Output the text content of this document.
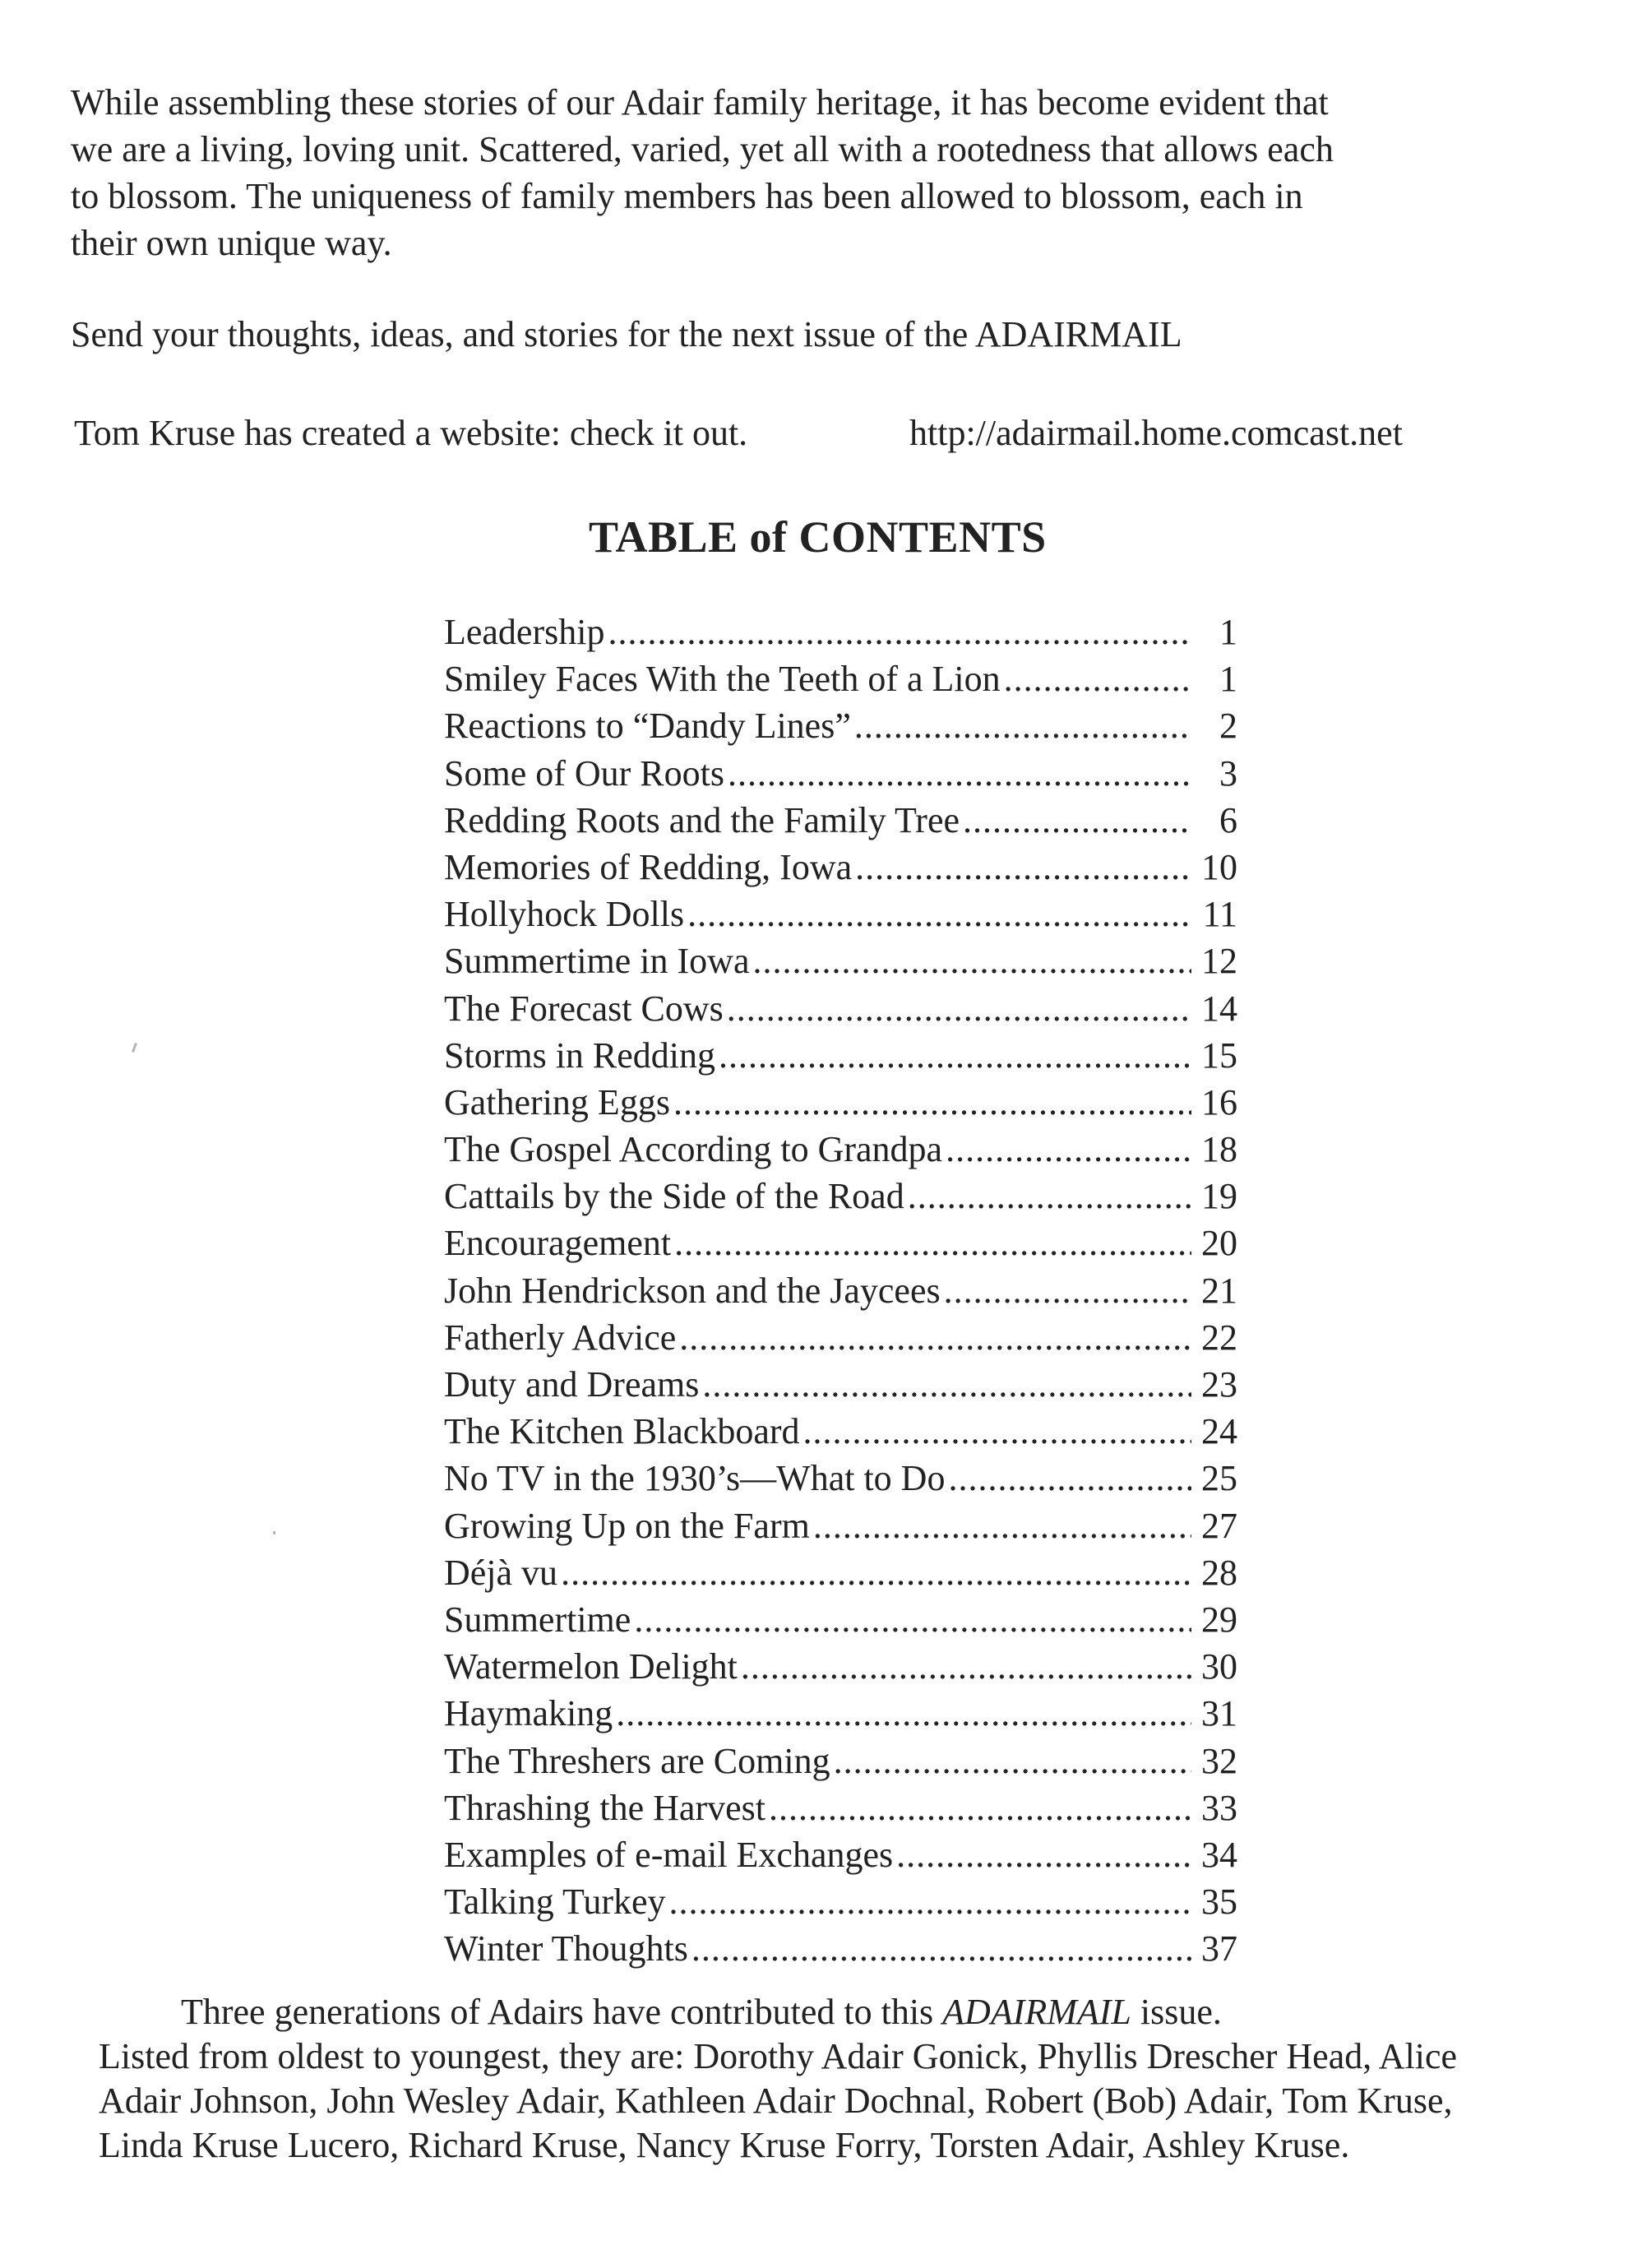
While assembling these stories of our Adair family heritage, it has become evident that
we are a living, loving unit. Scattered, varied, yet all with a rootedness that allows each
to blossom. The uniqueness of family members has been allowed to blossom, each in
their own unique way.

Send your thoughts, ideas, and stories for the next issue of the ADAIRMAIL

Tom Kruse has created a website: check it out.	http://adairmail.home.comcast.net

TABLE of CONTENTS
Leadership .....	1
Smiley Faces With the Teeth of a Lion .....	1
Reactions to “Dandy Lines” .....	2
Some of Our Roots .....	3
Redding Roots and the Family Tree .....	6
Memories of Redding, Iowa .....	10
Hollyhock Dolls .....	11
Summertime in Iowa .....	12
The Forecast Cows .....	14
Storms in Redding .....	15
Gathering Eggs .....	16
The Gospel According to Grandpa .....	18
Cattails by the Side of the Road .....	19
Encouragement .....	20
John Hendrickson and the Jaycees .....	21
Fatherly Advice .....	22
Duty and Dreams .....	23
The Kitchen Blackboard .....	24
No TV in the 1930’s—What to Do .....	25
Growing Up on the Farm .....	27
Déjà vu .....	28
Summertime .....	29
Watermelon Delight .....	30
Haymaking .....	31
The Threshers are Coming .....	32
Thrashing the Harvest .....	33
Examples of e-mail Exchanges .....	34
Talking Turkey .....	35
Winter Thoughts .....	37

Three generations of Adairs have contributed to this ADAIRMAIL issue.
Listed from oldest to youngest, they are: Dorothy Adair Gonick, Phyllis Drescher Head, Alice
Adair Johnson, John Wesley Adair, Kathleen Adair Dochnal, Robert (Bob) Adair, Tom Kruse,
Linda Kruse Lucero, Richard Kruse, Nancy Kruse Forry, Torsten Adair, Ashley Kruse.
